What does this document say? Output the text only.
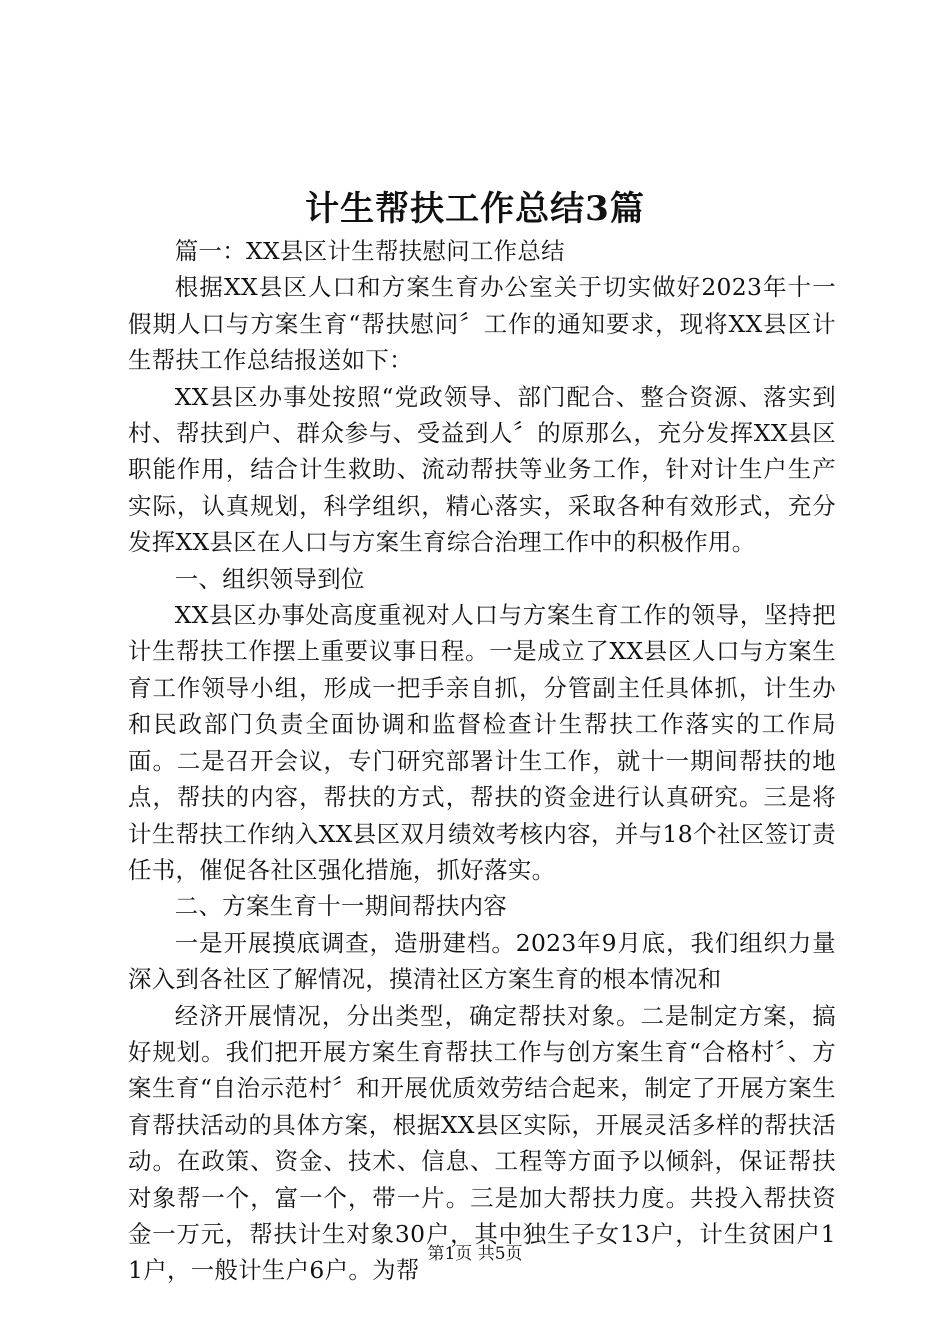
计生帮扶工作总结3篇

篇一：XX县区计生帮扶慰问工作总结

根据XX县区人口和方案生育办公室关于切实做好2023年十一假期人口与方案生育“帮扶慰问〞工作的通知要求，现将XX县区计生帮扶工作总结报送如下：

XX县区办事处按照“党政领导、部门配合、整合资源、落实到村、帮扶到户、群众参与、受益到人〞的原那么，充分发挥XX县区职能作用，结合计生救助、流动帮扶等业务工作，针对计生户生产实际，认真规划，科学组织，精心落实，采取各种有效形式，充分发挥XX县区在人口与方案生育综合治理工作中的积极作用。

一、组织领导到位

XX县区办事处高度重视对人口与方案生育工作的领导，坚持把计生帮扶工作摆上重要议事日程。一是成立了XX县区人口与方案生育工作领导小组，形成一把手亲自抓，分管副主任具体抓，计生办和民政部门负责全面协调和监督检查计生帮扶工作落实的工作局面。二是召开会议，专门研究部署计生工作，就十一期间帮扶的地点，帮扶的内容，帮扶的方式，帮扶的资金进行认真研究。三是将计生帮扶工作纳入XX县区双月绩效考核内容，并与18个社区签订责任书，催促各社区强化措施，抓好落实。

二、方案生育十一期间帮扶内容

一是开展摸底调查，造册建档。2023年9月底，我们组织力量深入到各社区了解情况，摸清社区方案生育的根本情况和

经济开展情况，分出类型，确定帮扶对象。二是制定方案，搞好规划。我们把开展方案生育帮扶工作与创方案生育“合格村〞、方案生育“自治示范村〞和开展优质效劳结合起来，制定了开展方案生育帮扶活动的具体方案，根据XX县区实际，开展灵活多样的帮扶活动。在政策、资金、技术、信息、工程等方面予以倾斜，保证帮扶对象帮一个，富一个，带一片。三是加大帮扶力度。共投入帮扶资金一万元，帮扶计生对象30户，其中独生子女13户，计生贫困户11户，一般计生户6户。为帮

第1页 共5页
